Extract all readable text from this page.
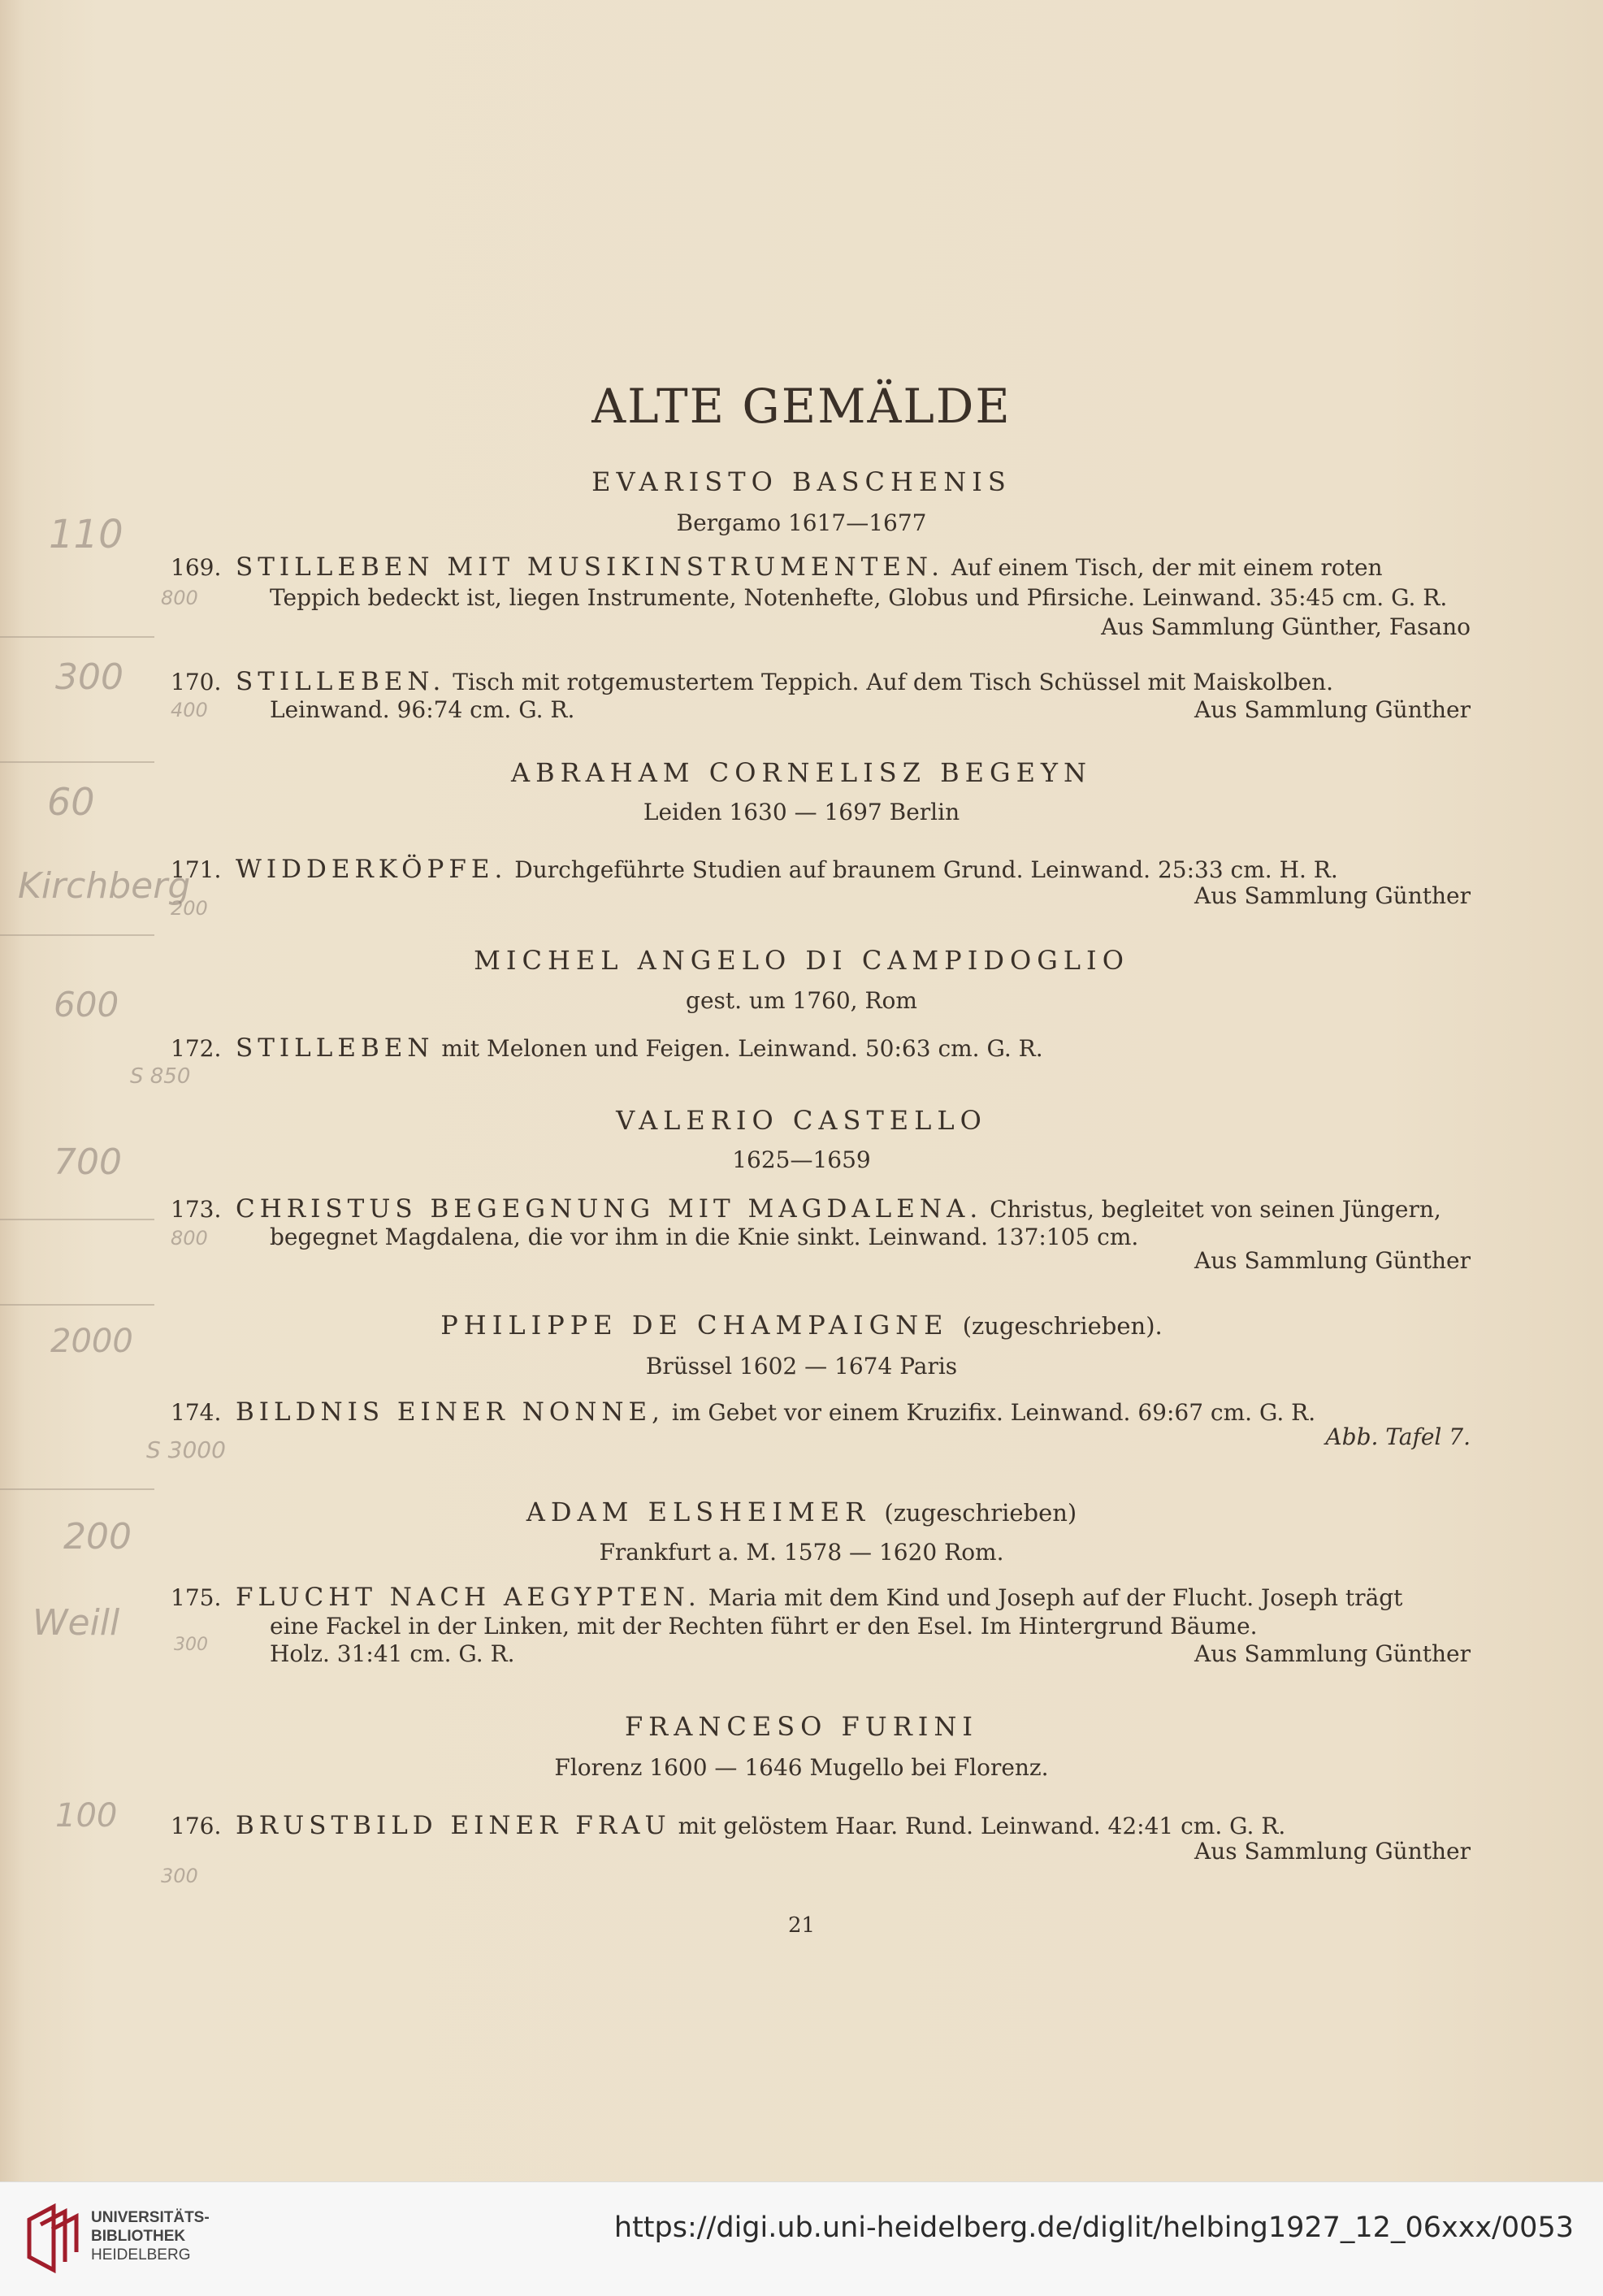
ALTE GEMÄLDE
EVARISTO BASCHENIS
Bergamo 1617—1677
169. STILLEBEN MIT MUSIKINSTRUMENTEN. Auf einem Tisch, der mit einem roten
Teppich bedeckt ist, liegen Instrumente, Notenhefte, Globus und Pfirsiche. Leinwand. 35:45 cm. G. R.
Aus Sammlung Günther, Fasano
170. STILLEBEN. Tisch mit rotgemustertem Teppich. Auf dem Tisch Schüssel mit Maiskolben.
Leinwand. 96:74 cm. G. R.	Aus Sammlung Günther
ABRAHAM CORNELISZ BEGEYN
Leiden 1630 — 1697 Berlin
171. WIDDERKÖPFE. Durchgeführte Studien auf braunem Grund. Leinwand. 25:33 cm. H. R.
Aus Sammlung Günther
MICHEL ANGELO DI CAMPIDOGLIO
gest. um 1760, Rom
172. STILLEBEN mit Melonen und Feigen. Leinwand. 50:63 cm. G. R.
VALERIO CASTELLO
1625—1659
173. CHRISTUS BEGEGNUNG MIT MAGDALENA. Christus, begleitet von seinen Jüngern,
begegnet Magdalena, die vor ihm in die Knie sinkt. Leinwand. 137:105 cm.
Aus Sammlung Günther
PHILIPPE DE CHAMPAIGNE (zugeschrieben).
Brüssel 1602 — 1674 Paris
174. BILDNIS EINER NONNE, im Gebet vor einem Kruzifix. Leinwand. 69:67 cm. G. R.
Abb. Tafel 7.
ADAM ELSHEIMER (zugeschrieben)
Frankfurt a. M. 1578 — 1620 Rom.
175. FLUCHT NACH AEGYPTEN. Maria mit dem Kind und Joseph auf der Flucht. Joseph trägt
eine Fackel in der Linken, mit der Rechten führt er den Esel. Im Hintergrund Bäume.
Holz. 31:41 cm. G. R.	Aus Sammlung Günther
FRANCESO FURINI
Florenz 1600 — 1646 Mugello bei Florenz.
176. BRUSTBILD EINER FRAU mit gelöstem Haar. Rund. Leinwand. 42:41 cm. G. R.
Aus Sammlung Günther
21
110
800
300
400
60
Kirchberg
200
600
S 850
700
800
2000
S 3000
200
Weill
300
100
300
UNIVERSITÄTS-
BIBLIOTHEK
HEIDELBERG
https://digi.ub.uni-heidelberg.de/diglit/helbing1927_12_06xxx/0053
